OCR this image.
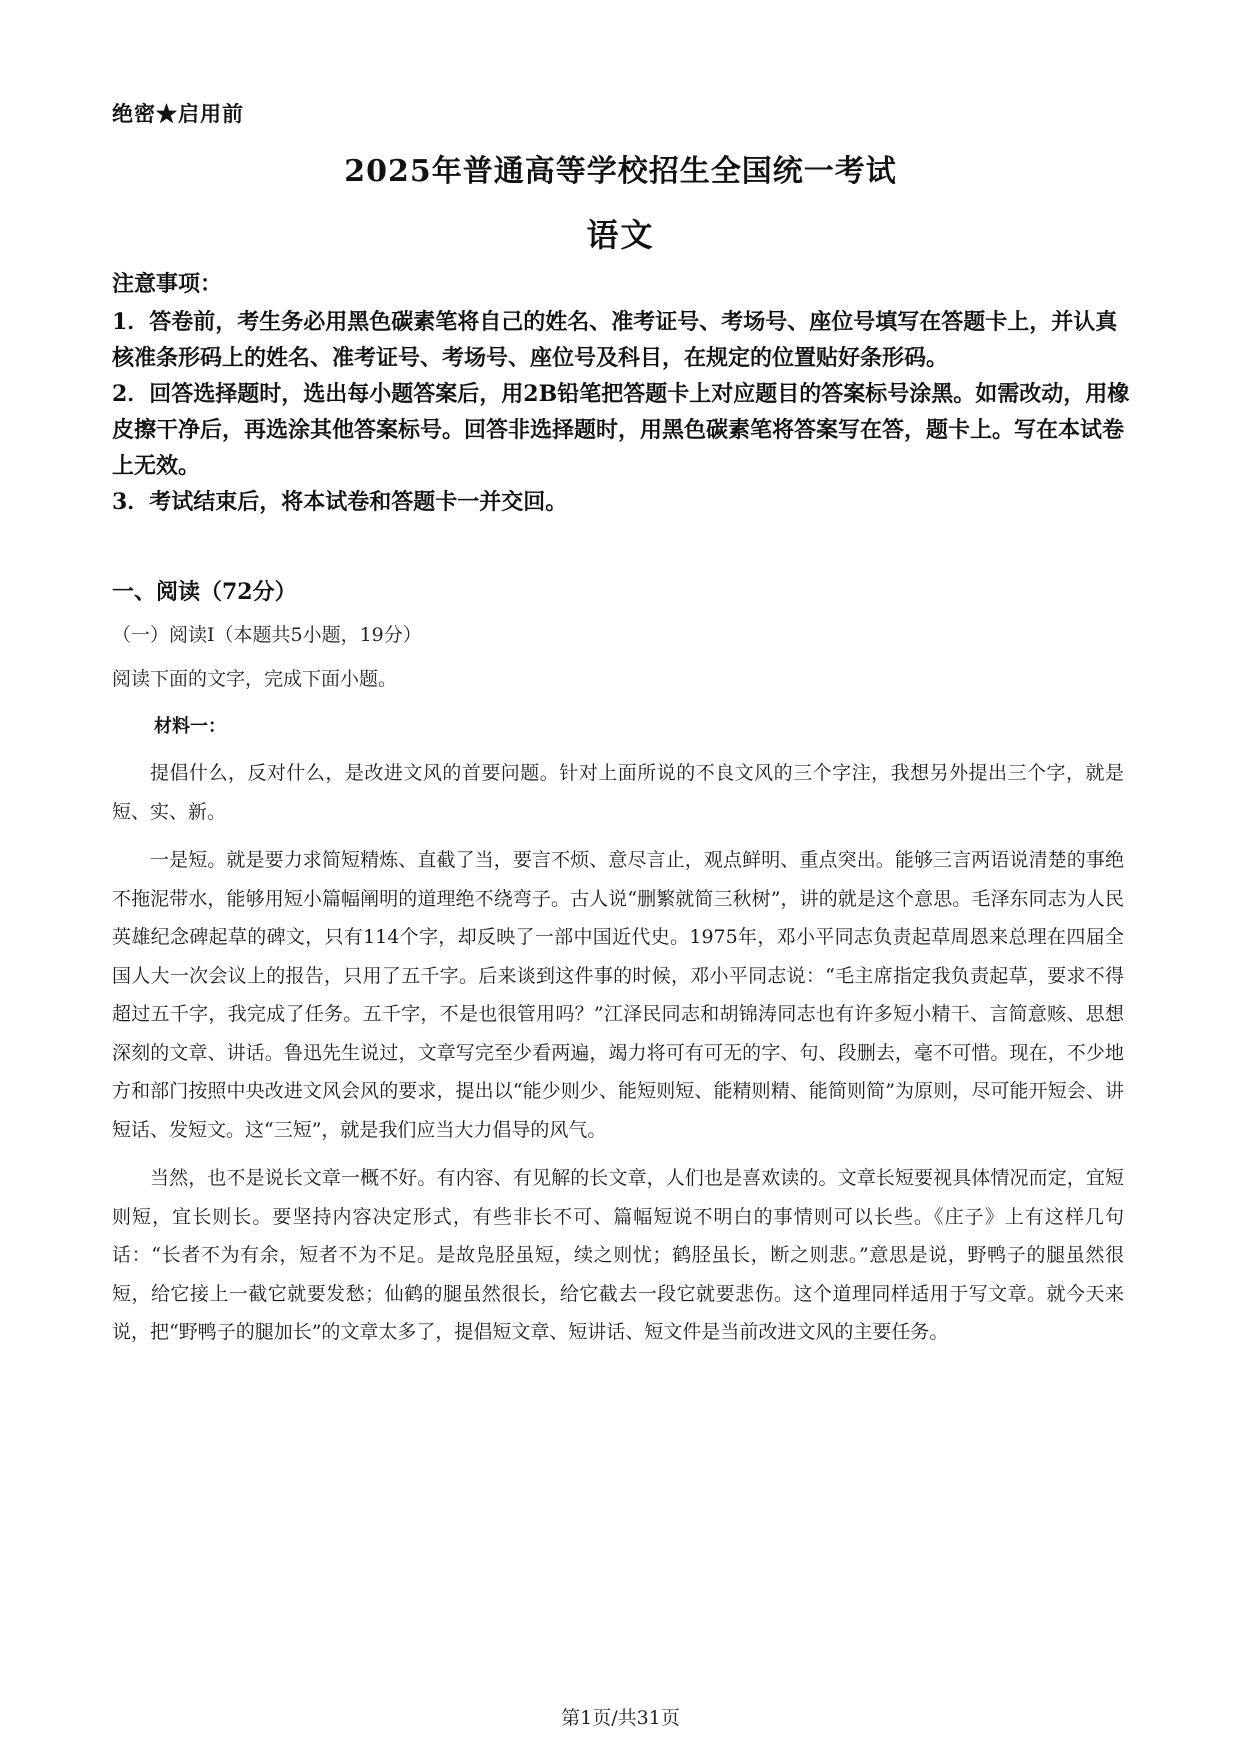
绝密★启用前
2025年普通高等学校招生全国统一考试
语文

注意事项：

1．答卷前，考生务必用黑色碳素笔将自己的姓名、准考证号、考场号、座位号填写在答题卡上，并认真核准条形码上的姓名、准考证号、考场号、座位号及科目，在规定的位置贴好条形码。

2．回答选择题时，选出每小题答案后，用2B铅笔把答题卡上对应题目的答案标号涂黑。如需改动，用橡皮擦干净后，再选涂其他答案标号。回答非选择题时，用黑色碳素笔将答案写在答，题卡上。写在本试卷上无效。

3．考试结束后，将本试卷和答题卡一并交回。

一、阅读（72分）
（一）阅读Ⅰ（本题共5小题，19分）
阅读下面的文字，完成下面小题。
材料一：

提倡什么，反对什么，是改进文风的首要问题。针对上面所说的不良文风的三个字注，我想另外提出三个字，就是短、实、新。

一是短。就是要力求简短精炼、直截了当，要言不烦、意尽言止，观点鲜明、重点突出。能够三言两语说清楚的事绝不拖泥带水，能够用短小篇幅阐明的道理绝不绕弯子。古人说“删繁就简三秋树”，讲的就是这个意思。毛泽东同志为人民英雄纪念碑起草的碑文，只有114个字，却反映了一部中国近代史。1975年，邓小平同志负责起草周恩来总理在四届全国人大一次会议上的报告，只用了五千字。后来谈到这件事的时候，邓小平同志说：“毛主席指定我负责起草，要求不得超过五千字，我完成了任务。五千字，不是也很管用吗？”江泽民同志和胡锦涛同志也有许多短小精干、言简意赅、思想深刻的文章、讲话。鲁迅先生说过，文章写完至少看两遍，竭力将可有可无的字、句、段删去，毫不可惜。现在，不少地方和部门按照中央改进文风会风的要求，提出以“能少则少、能短则短、能精则精、能简则简”为原则，尽可能开短会、讲短话、发短文。这“三短”，就是我们应当大力倡导的风气。

当然，也不是说长文章一概不好。有内容、有见解的长文章，人们也是喜欢读的。文章长短要视具体情况而定，宜短则短，宜长则长。要坚持内容决定形式，有些非长不可、篇幅短说不明白的事情则可以长些。《庄子》上有这样几句话：“长者不为有余，短者不为不足。是故凫胫虽短，续之则忧；鹤胫虽长，断之则悲。”意思是说，野鸭子的腿虽然很短，给它接上一截它就要发愁；仙鹤的腿虽然很长，给它截去一段它就要悲伤。这个道理同样适用于写文章。就今天来说，把“野鸭子的腿加长”的文章太多了，提倡短文章、短讲话、短文件是当前改进文风的主要任务。

第1页/共31页
